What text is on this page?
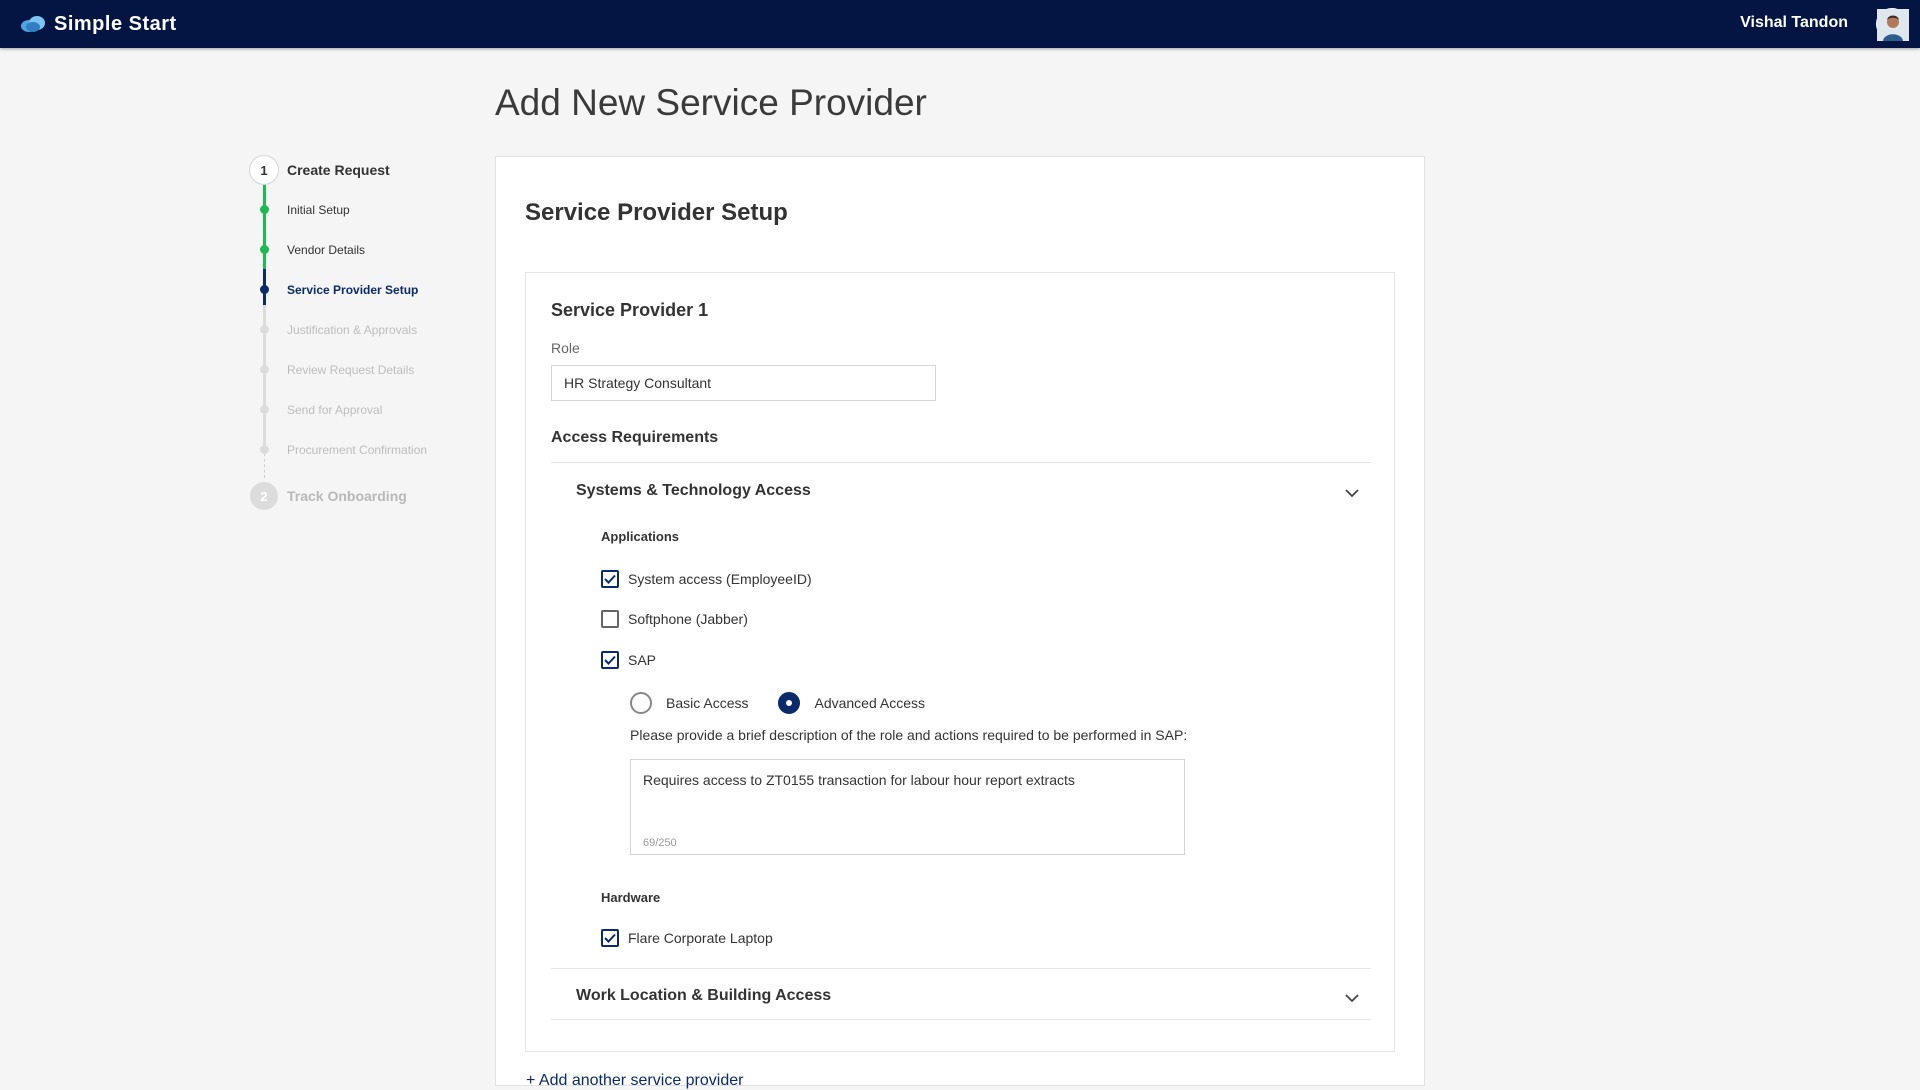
Simple Start	Vishal Tandon
Add New Service Provider
1	Create Request
Initial Setup
Vendor Details
Service Provider Setup
Justification & Approvals
Review Request Details
Send for Approval
Procurement Confirmation
2	Track Onboarding
Service Provider Setup
Service Provider 1
Role
HR Strategy Consultant
Access Requirements
Systems & Technology Access
Applications
System access (EmployeeID)
Softphone (Jabber)
SAP
Basic Access	Advanced Access
Please provide a brief description of the role and actions required to be performed in SAP:
Requires access to ZT0155 transaction for labour hour report extracts
69/250
Hardware
Flare Corporate Laptop
Work Location & Building Access
+ Add another service provider
